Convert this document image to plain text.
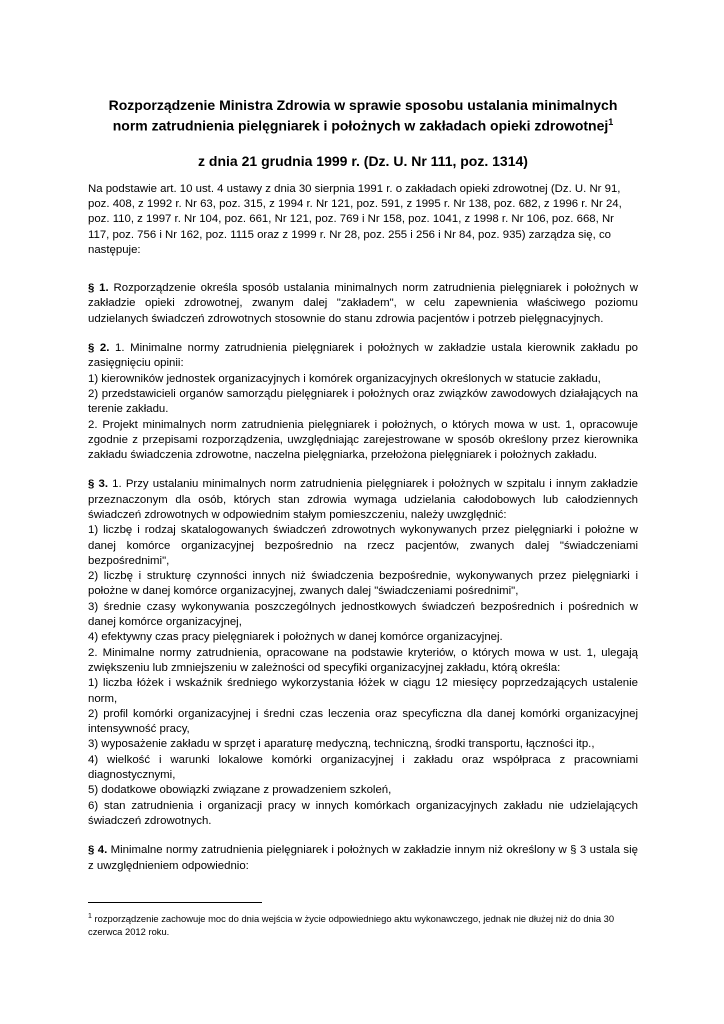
Rozporządzenie Ministra Zdrowia w sprawie sposobu ustalania minimalnych
norm zatrudnienia pielęgniarek i położnych w zakładach opieki zdrowotnej$^1$
z dnia 21 grudnia 1999 r. (Dz. U. Nr 111, poz. 1314)

Na podstawie art. 10 ust. 4 ustawy z dnia 30 sierpnia 1991 r. o zakładach opieki zdrowotnej (Dz. U. Nr 91, poz. 408, z 1992 r. Nr 63, poz. 315, z 1994 r. Nr 121, poz. 591, z 1995 r. Nr 138, poz. 682, z 1996 r. Nr 24, poz. 110, z 1997 r. Nr 104, poz. 661, Nr 121, poz. 769 i Nr 158, poz. 1041, z 1998 r. Nr 106, poz. 668, Nr 117, poz. 756 i Nr 162, poz. 1115 oraz z 1999 r. Nr 28, poz. 255 i 256 i Nr 84, poz. 935) zarządza się, co następuje:

§ 1. Rozporządzenie określa sposób ustalania minimalnych norm zatrudnienia pielęgniarek i położnych w zakładzie opieki zdrowotnej, zwanym dalej "zakładem", w celu zapewnienia właściwego poziomu udzielanych świadczeń zdrowotnych stosownie do stanu zdrowia pacjentów i potrzeb pielęgnacyjnych.

§ 2. 1. Minimalne normy zatrudnienia pielęgniarek i położnych w zakładzie ustala kierownik zakładu po zasięgnięciu opinii:

1) kierowników jednostek organizacyjnych i komórek organizacyjnych określonych w statucie zakładu,

2) przedstawicieli organów samorządu pielęgniarek i położnych oraz związków zawodowych działających na terenie zakładu.

2. Projekt minimalnych norm zatrudnienia pielęgniarek i położnych, o których mowa w ust. 1, opracowuje zgodnie z przepisami rozporządzenia, uwzględniając zarejestrowane w sposób określony przez kierownika zakładu świadczenia zdrowotne, naczelna pielęgniarka, przełożona pielęgniarek i położnych zakładu.

§ 3. 1. Przy ustalaniu minimalnych norm zatrudnienia pielęgniarek i położnych w szpitalu i innym zakładzie przeznaczonym dla osób, których stan zdrowia wymaga udzielania całodobowych lub całodziennych świadczeń zdrowotnych w odpowiednim stałym pomieszczeniu, należy uwzględnić:

1) liczbę i rodzaj skatalogowanych świadczeń zdrowotnych wykonywanych przez pielęgniarki i położne w danej komórce organizacyjnej bezpośrednio na rzecz pacjentów, zwanych dalej "świadczeniami bezpośrednimi",

2) liczbę i strukturę czynności innych niż świadczenia bezpośrednie, wykonywanych przez pielęgniarki i położne w danej komórce organizacyjnej, zwanych dalej "świadczeniami pośrednimi",

3) średnie czasy wykonywania poszczególnych jednostkowych świadczeń bezpośrednich i pośrednich w danej komórce organizacyjnej,

4) efektywny czas pracy pielęgniarek i położnych w danej komórce organizacyjnej.

2. Minimalne normy zatrudnienia, opracowane na podstawie kryteriów, o których mowa w ust. 1, ulegają zwiększeniu lub zmniejszeniu w zależności od specyfiki organizacyjnej zakładu, którą określa:

1) liczba łóżek i wskaźnik średniego wykorzystania łóżek w ciągu 12 miesięcy poprzedzających ustalenie norm,

2) profil komórki organizacyjnej i średni czas leczenia oraz specyficzna dla danej komórki organizacyjnej intensywność pracy,

3) wyposażenie zakładu w sprzęt i aparaturę medyczną, techniczną, środki transportu, łączności itp.,

4) wielkość i warunki lokalowe komórki organizacyjnej i zakładu oraz współpraca z pracowniami diagnostycznymi,

5) dodatkowe obowiązki związane z prowadzeniem szkoleń,

6) stan zatrudnienia i organizacji pracy w innych komórkach organizacyjnych zakładu nie udzielających świadczeń zdrowotnych.

§ 4. Minimalne normy zatrudnienia pielęgniarek i położnych w zakładzie innym niż określony w § 3 ustala się z uwzględnieniem odpowiednio:

$^1$ rozporządzenie zachowuje moc do dnia wejścia w życie odpowiedniego aktu wykonawczego, jednak nie dłużej niż do dnia 30 czerwca 2012 roku.
